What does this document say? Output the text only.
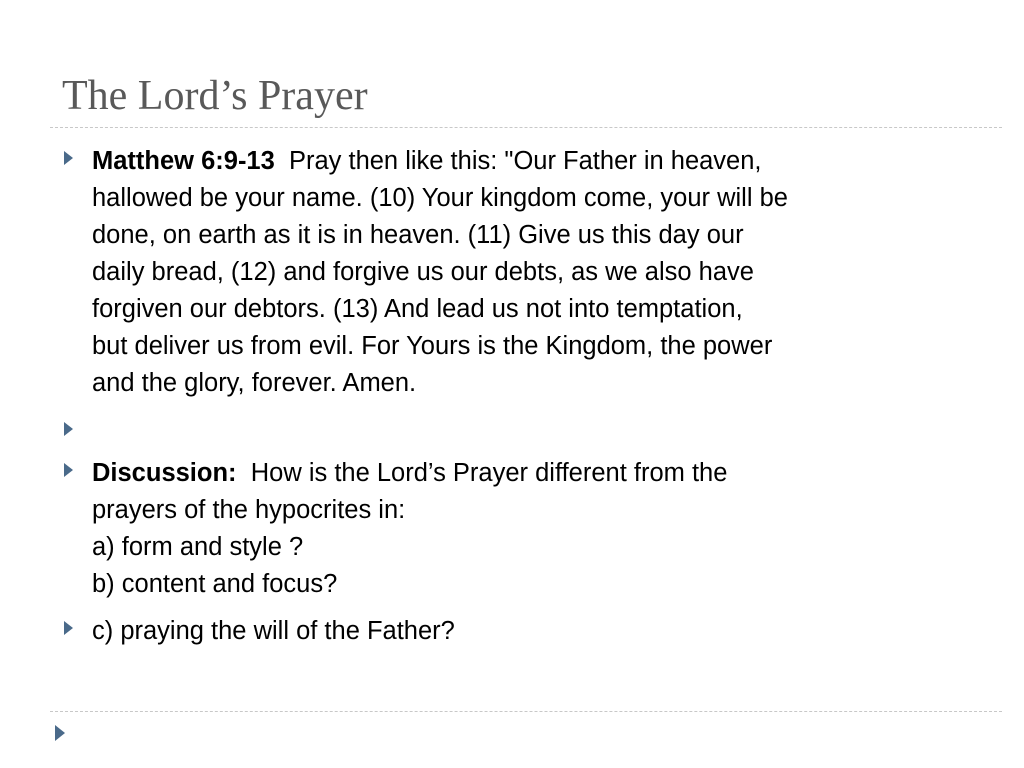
The Lord’s Prayer
Matthew 6:9-13 Pray then like this: "Our Father in heaven,
hallowed be your name. (10) Your kingdom come, your will be
done, on earth as it is in heaven. (11) Give us this day our
daily bread, (12) and forgive us our debts, as we also have
forgiven our debtors. (13) And lead us not into temptation,
but deliver us from evil. For Yours is the Kingdom, the power
and the glory, forever. Amen.
Discussion: How is the Lord’s Prayer different from the
prayers of the hypocrites in:
a) form and style ?
b) content and focus?
c) praying the will of the Father?
